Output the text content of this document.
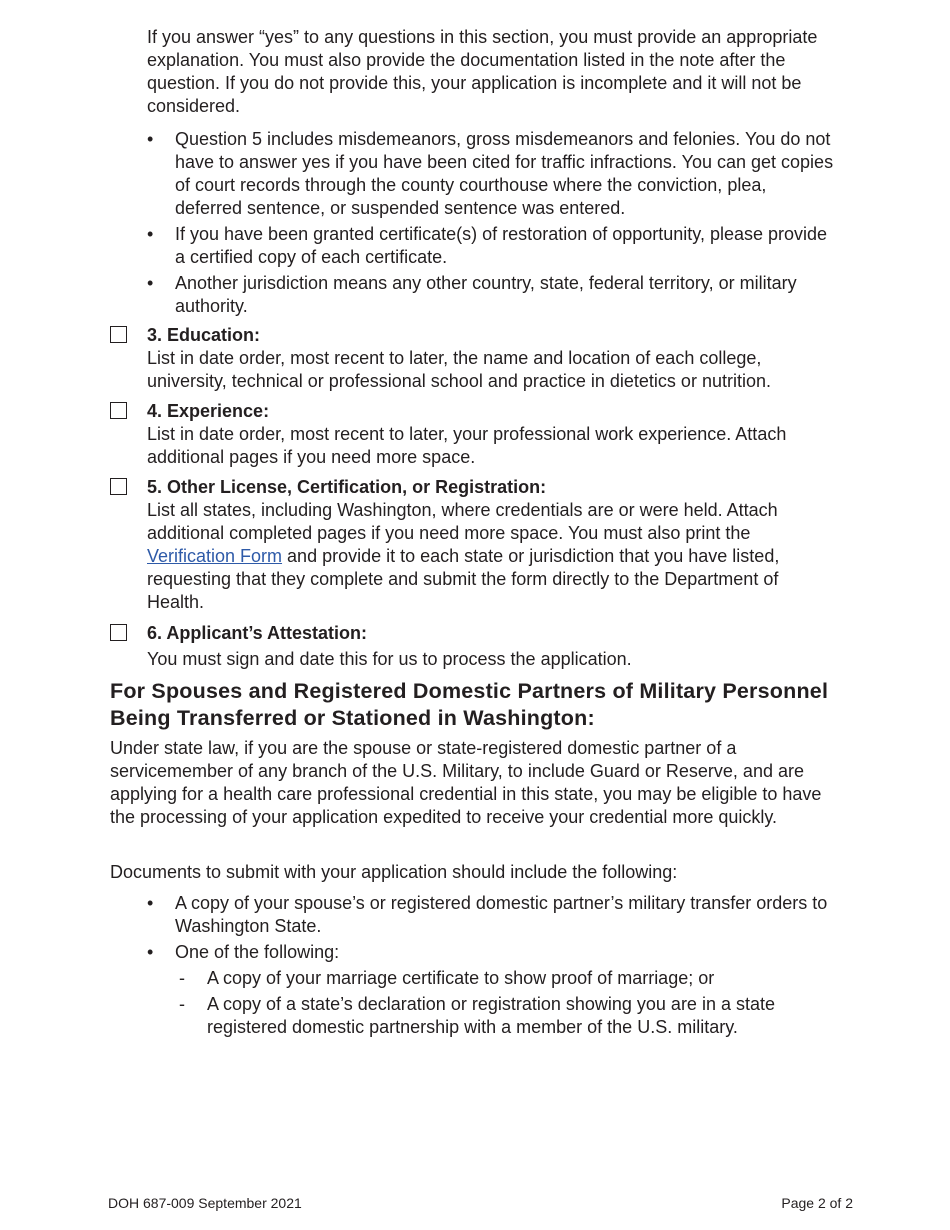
If you answer “yes” to any questions in this section, you must provide an appropriate explanation. You must also provide the documentation listed in the note after the question. If you do not provide this, your application is incomplete and it will not be considered.

• Question 5 includes misdemeanors, gross misdemeanors and felonies. You do not have to answer yes if you have been cited for traffic infractions. You can get copies of court records through the county courthouse where the conviction, plea, deferred sentence, or suspended sentence was entered.
• If you have been granted certificate(s) of restoration of opportunity, please provide a certified copy of each certificate.
• Another jurisdiction means any other country, state, federal territory, or military authority.
3. Education:
List in date order, most recent to later, the name and location of each college, university, technical or professional school and practice in dietetics or nutrition.
4. Experience:
List in date order, most recent to later, your professional work experience. Attach additional pages if you need more space.
5. Other License, Certification, or Registration:
List all states, including Washington, where credentials are or were held. Attach additional completed pages if you need more space. You must also print the Verification Form and provide it to each state or jurisdiction that you have listed, requesting that they complete and submit the form directly to the Department of Health.
6. Applicant’s Attestation:
You must sign and date this for us to process the application.
For Spouses and Registered Domestic Partners of Military Personnel Being Transferred or Stationed in Washington:

Under state law, if you are the spouse or state-registered domestic partner of a servicemember of any branch of the U.S. Military, to include Guard or Reserve, and are applying for a health care professional credential in this state, you may be eligible to have the processing of your application expedited to receive your credential more quickly.

Documents to submit with your application should include the following:

• A copy of your spouse’s or registered domestic partner’s military transfer orders to Washington State.
• One of the following:
- A copy of your marriage certificate to show proof of marriage; or
- A copy of a state’s declaration or registration showing you are in a state registered domestic partnership with a member of the U.S. military.
DOH 687-009 September 2021	Page 2 of 2
